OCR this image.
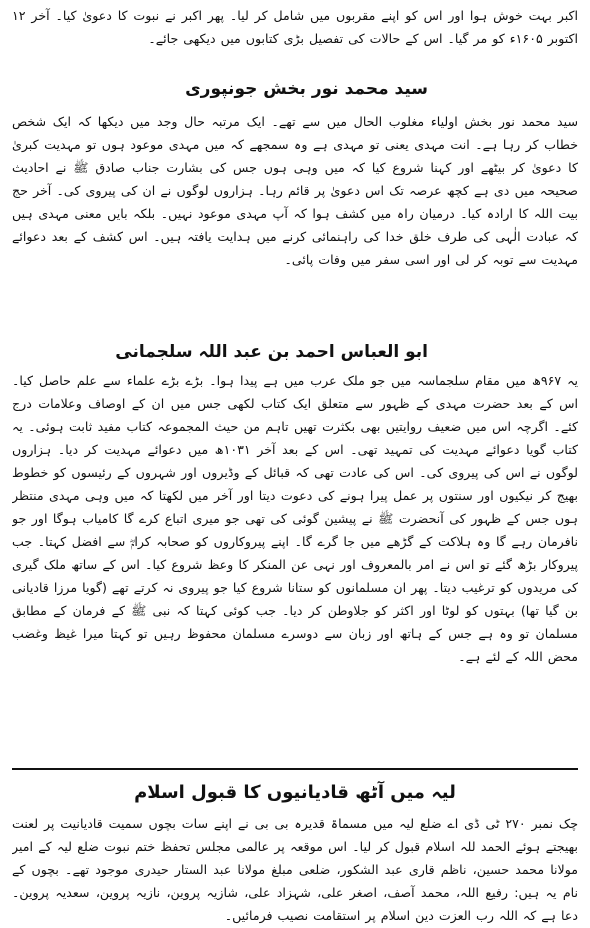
اکبر بہت خوش ہوا اور اس کو اپنے مقربوں میں شامل کر لیا۔ پھر اکبر نے نبوت کا دعویٰ کیا۔ آخر ۱۲ اکتوبر ۱۶۰۵ء کو مر گیا۔ اس کے حالات کی تفصیل بڑی کتابوں میں دیکھی جائے۔

سید محمد نور بخش جونپوری

سید محمد نور بخش اولیاء مغلوب الحال میں سے تھے۔ ایک مرتبہ حال وجد میں دیکھا کہ ایک شخص خطاب کر رہا ہے۔ انت مہدی یعنی تو مہدی ہے وہ سمجھے کہ میں مہدی موعود ہوں تو مہدیت کبریٰ کا دعویٰ کر بیٹھے اور کہنا شروع کیا کہ میں وہی ہوں جس کی بشارت جناب صادق ﷺ نے احادیث صحیحہ میں دی ہے کچھ عرصہ تک اس دعویٰ پر قائم رہا۔ ہزاروں لوگوں نے ان کی پیروی کی۔ آخر حج بیت اللہ کا ارادہ کیا۔ درمیان راہ میں کشف ہوا کہ آپ مہدی موعود نہیں۔ بلکہ بایں معنی مہدی ہیں کہ عبادت الٰہی کی طرف خلق خدا کی راہنمائی کرنے میں ہدایت یافتہ ہیں۔ اس کشف کے بعد دعوائے مہدیت سے توبہ کر لی اور اسی سفر میں وفات پائی۔

ابو العباس احمد بن عبد اللہ سلجمانی

یہ ۹۶۷ھ میں مقام سلجماسہ میں جو ملک عرب میں ہے پیدا ہوا۔ بڑے بڑے علماء سے علم حاصل کیا۔ اس کے بعد حضرت مہدی کے ظہور سے متعلق ایک کتاب لکھی جس میں ان کے اوصاف وعلامات درج کئے۔ اگرچہ اس میں ضعیف روایتیں بھی بکثرت تھیں تاہم من حیث المجموعہ کتاب مفید ثابت ہوئی۔ یہ کتاب گویا دعوائے مہدیت کی تمہید تھی۔ اس کے بعد آخر ۱۰۳۱ھ میں دعوائے مہدیت کر دیا۔ ہزاروں لوگوں نے اس کی پیروی کی۔ اس کی عادت تھی کہ قبائل کے وڈیروں اور شہروں کے رئیسوں کو خطوط بھیج کر نیکیوں اور سنتوں پر عمل پیرا ہونے کی دعوت دیتا اور آخر میں لکھتا کہ میں وہی مہدی منتظر ہوں جس کے ظہور کی آنحضرت ﷺ نے پیشین گوئی کی تھی جو میری اتباع کرے گا کامیاب ہوگا اور جو نافرمان رہے گا وہ ہلاکت کے گڑھے میں جا گرے گا۔ اپنے پیروکاروں کو صحابہ کرامؓ سے افضل کہتا۔ جب پیروکار بڑھ گئے تو اس نے امر بالمعروف اور نہی عن المنکر کا وعظ شروع کیا۔ اس کے ساتھ ملک گیری کی مریدوں کو ترغیب دیتا۔ پھر ان مسلمانوں کو ستانا شروع کیا جو پیروی نہ کرتے تھے (گویا مرزا قادیانی بن گیا تھا) بہتوں کو لوٹا اور اکثر کو جلاوطن کر دیا۔ جب کوئی کہتا کہ نبی ﷺ کے فرمان کے مطابق مسلمان تو وہ ہے جس کے ہاتھ اور زبان سے دوسرے مسلمان محفوظ رہیں تو کہتا میرا غیظ وغضب محض اللہ کے لئے ہے۔

لیہ میں آٹھ قادیانیوں کا قبول اسلام

چک نمبر ۲۷۰ ٹی ڈی اے ضلع لیہ میں مسماۃ قدیرہ بی بی نے اپنے سات بچوں سمیت قادیانیت پر لعنت بھیجتے ہوئے الحمد للہ اسلام قبول کر لیا۔ اس موقعہ پر عالمی مجلس تحفظ ختم نبوت ضلع لیہ کے امیر مولانا محمد حسین، ناظم قاری عبد الشکور، ضلعی مبلغ مولانا عبد الستار حیدری موجود تھے۔ بچوں کے نام یہ ہیں: رفیع اللہ، محمد آصف، اصغر علی، شہزاد علی، شازیہ پروین، نازیہ پروین، سعدیہ پروین۔ دعا ہے کہ اللہ رب العزت دین اسلام پر استقامت نصیب فرمائیں۔
